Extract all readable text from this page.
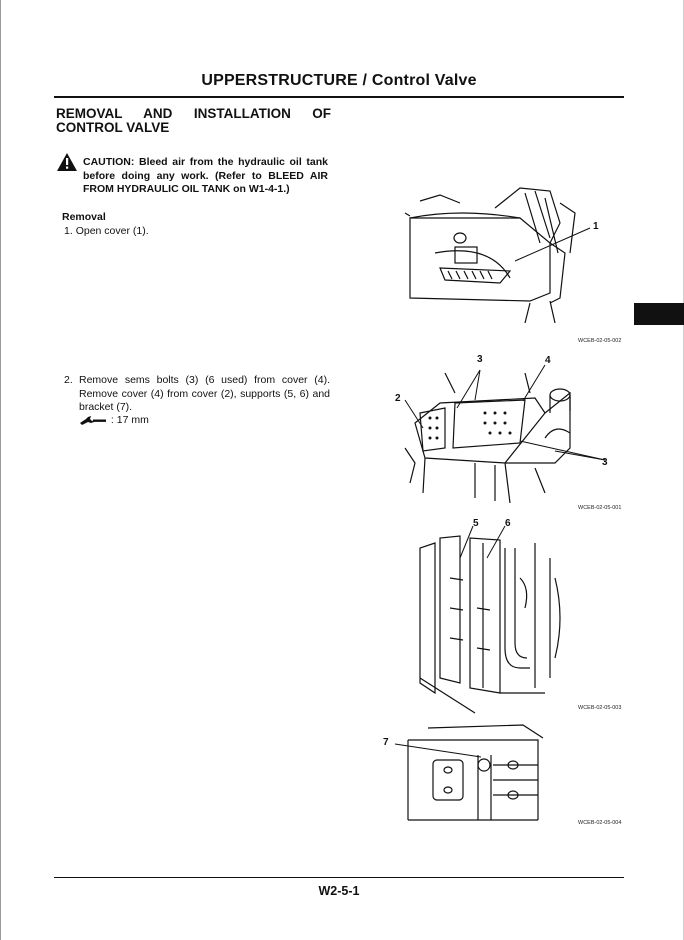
UPPERSTRUCTURE / Control Valve
REMOVAL AND INSTALLATION OF CONTROL VALVE
CAUTION: Bleed air from the hydraulic oil tank before doing any work. (Refer to BLEED AIR FROM HYDRAULIC OIL TANK on W1-4-1.)
Removal
1. Open cover (1).
2. Remove sems bolts (3) (6 used) from cover (4). Remove cover (4) from cover (2), supports (5, 6) and bracket (7).
: 17 mm
1
WCEB-02-05-002
3	4
2
3
WCEB-02-05-001
5	6
WCEB-02-05-003
7
WCEB-02-05-004
W2-5-1
